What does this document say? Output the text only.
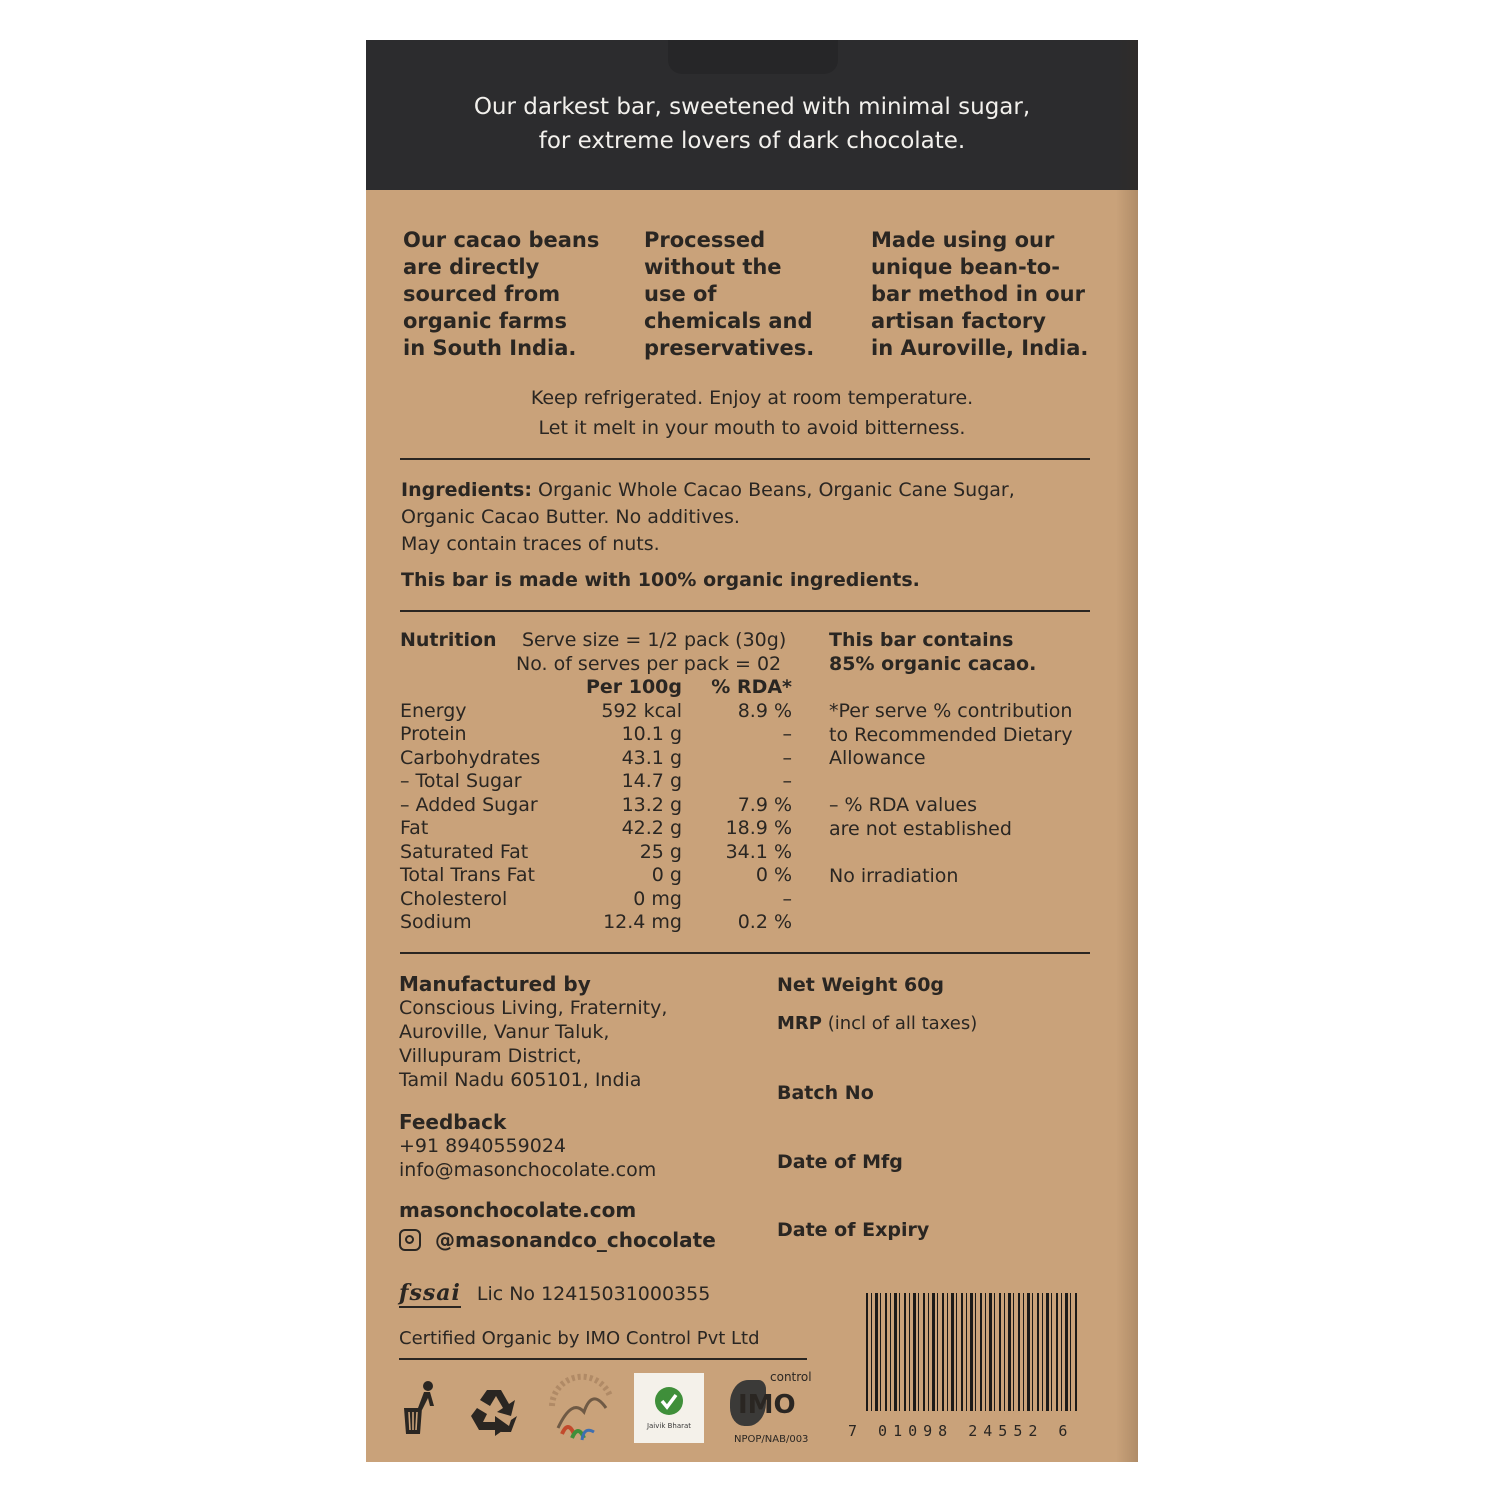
Our darkest bar, sweetened with minimal sugar,
for extreme lovers of dark chocolate.
Our cacao beans
are directly
sourced from
organic farms
in South India.
Processed
without the
use of
chemicals and
preservatives.
Made using our
unique bean-to-
bar method in our
artisan factory
in Auroville, India.
Keep refrigerated. Enjoy at room temperature.
Let it melt in your mouth to avoid bitterness.
Ingredients: Organic Whole Cacao Beans, Organic Cane Sugar,
Organic Cacao Butter. No additives.
May contain traces of nuts.
This bar is made with 100% organic ingredients.
Nutrition Serve size = 1/2 pack (30g)
No. of serves per pack = 02
	Per 100g	% RDA*
Energy	592 kcal	8.9 %
Protein	10.1 g	–
Carbohydrates	43.1 g	–
– Total Sugar	14.7 g	–
– Added Sugar	13.2 g	7.9 %
Fat	42.2 g	18.9 %
Saturated Fat	25 g	34.1 %
Total Trans Fat	0 g	0 %
Cholesterol	0 mg	–
Sodium	12.4 mg	0.2 %
This bar contains
85% organic cacao.
*Per serve % contribution
to Recommended Dietary
Allowance
– % RDA values
are not established
No irradiation
Manufactured by
Conscious Living, Fraternity,
Auroville, Vanur Taluk,
Villupuram District,
Tamil Nadu 605101, India
Feedback
+91 8940559024
info@masonchocolate.com
masonchocolate.com
@masonandco_chocolate
fssai Lic No 12415031000355
Certified Organic by IMO Control Pvt Ltd
Net Weight 60g
MRP (incl of all taxes)
Batch No
Date of Mfg
Date of Expiry
7 01098 24552 6
Jaivik Bharat
control
IMO
NPOP/NAB/003
